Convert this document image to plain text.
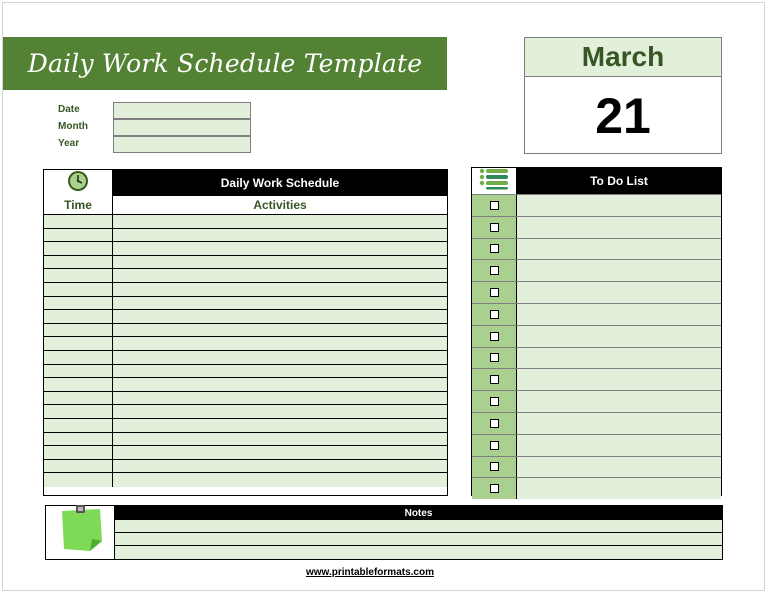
Daily Work Schedule Template
Date
Month
Year
March
21
Daily Work Schedule
Time	Activities
To Do List
Notes
www.printableformats.com
